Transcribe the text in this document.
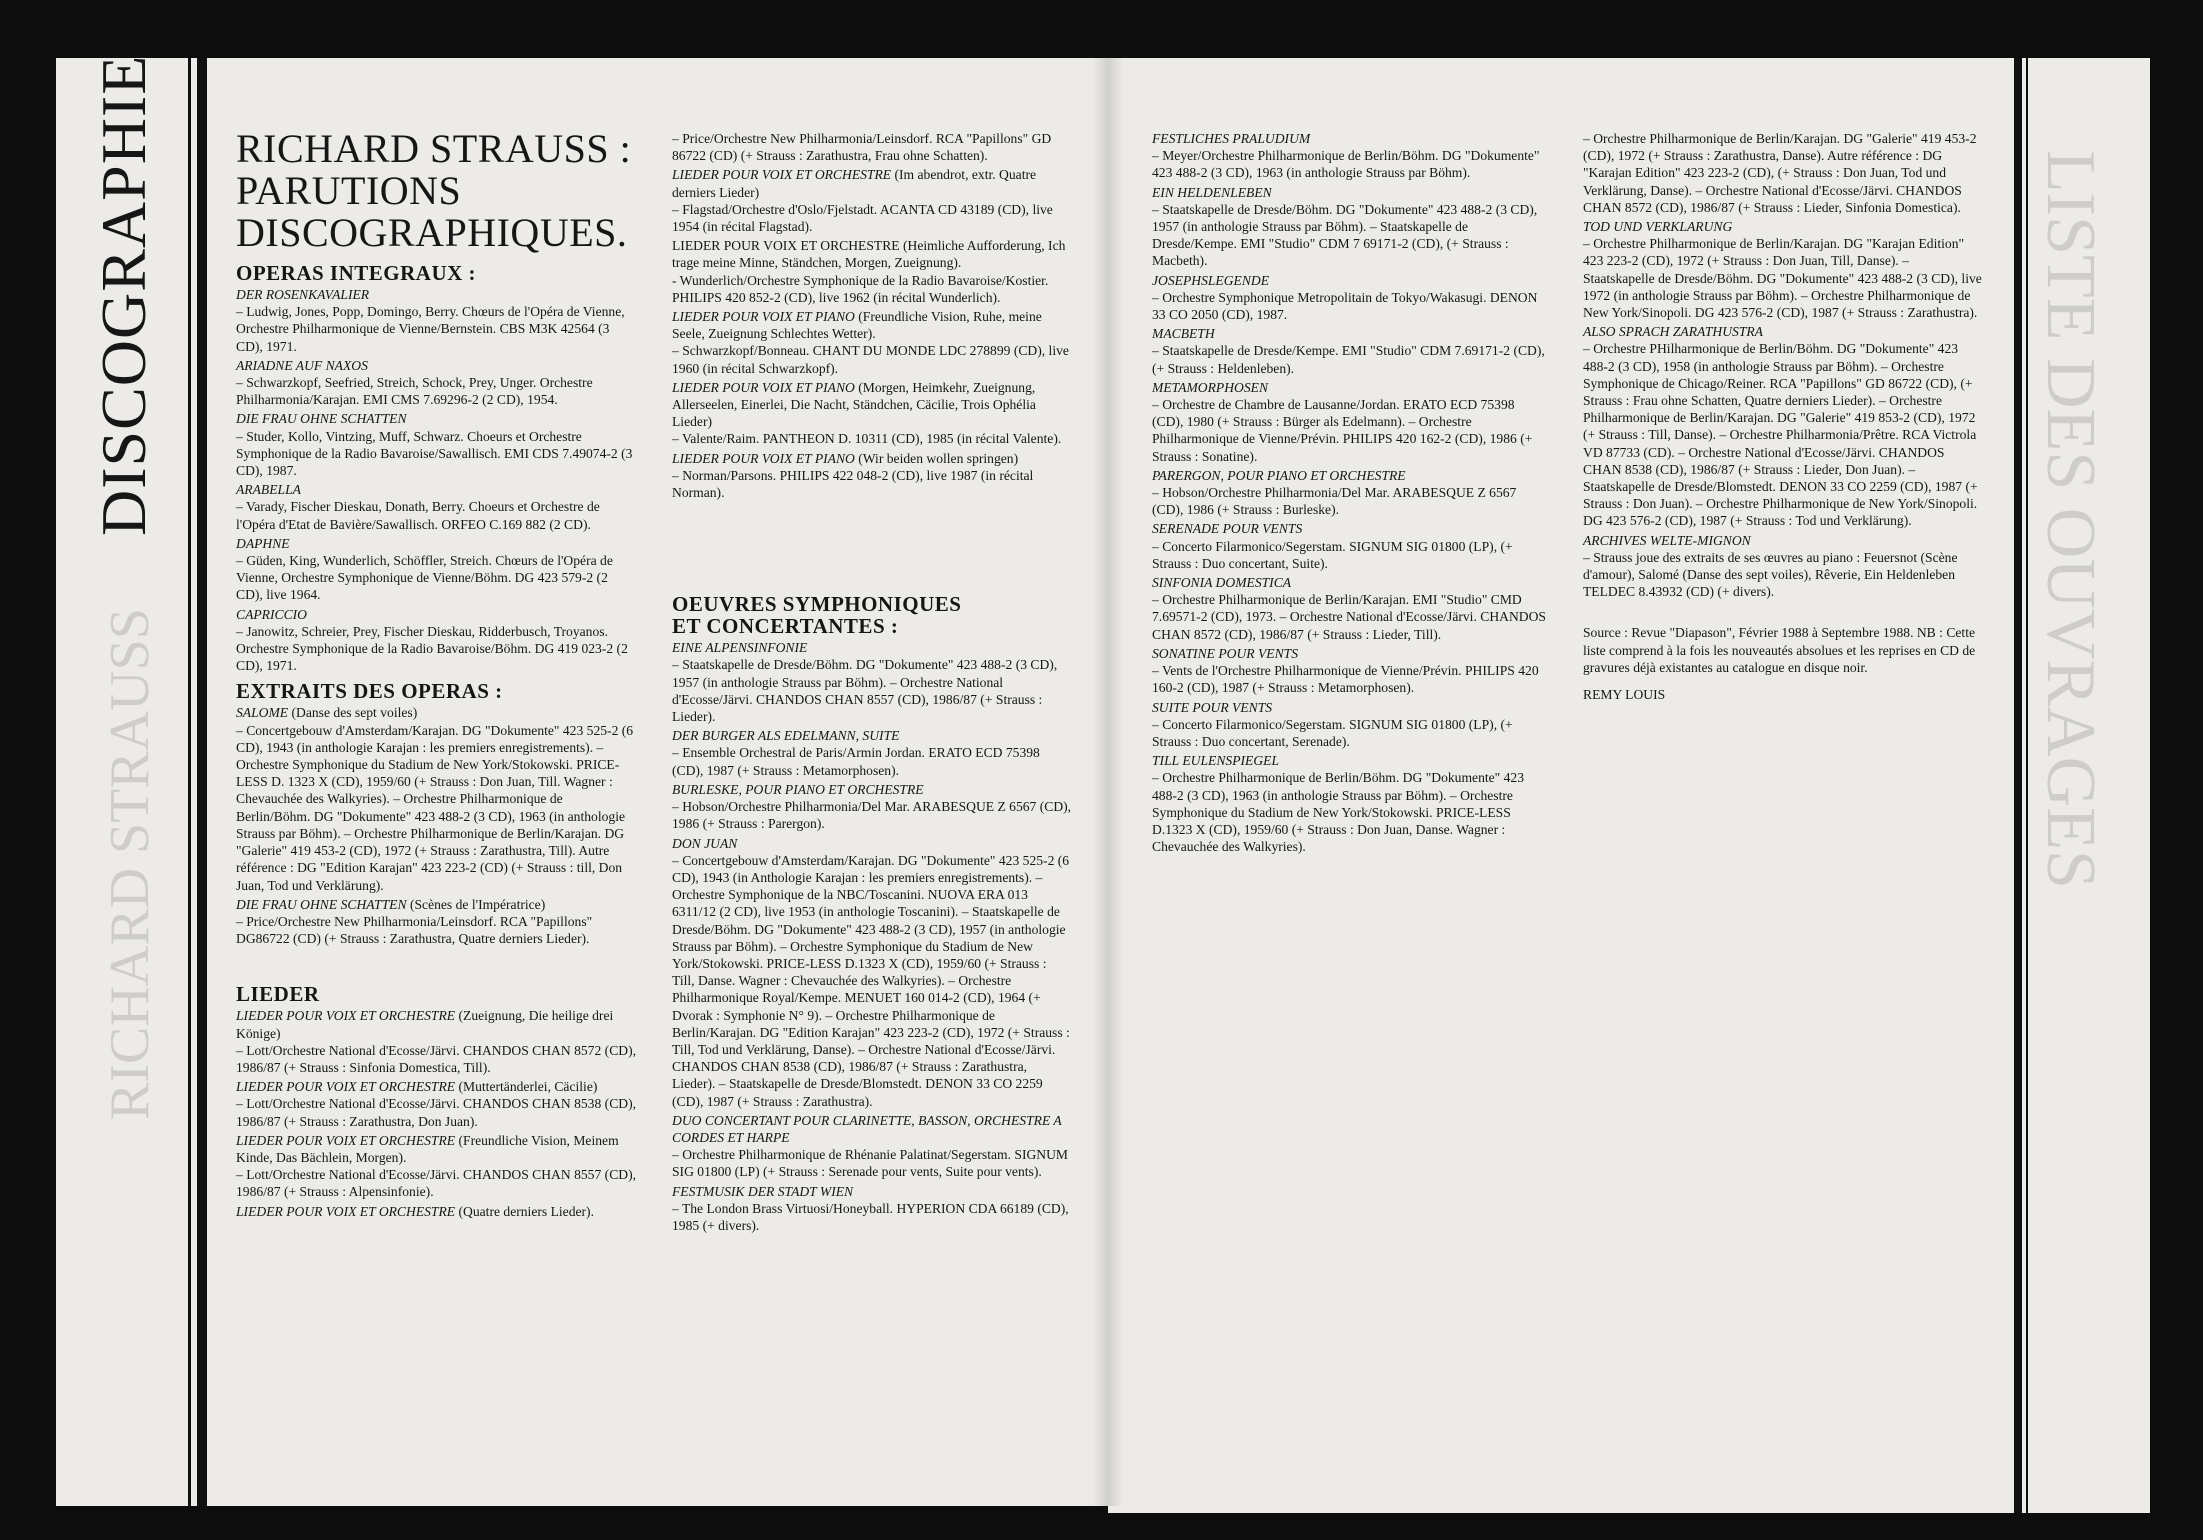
RICHARD STRAUSS	LISTE DES OUVRAGES
DISCOGRAPHIE RICHARD STRAUSS :
PARUTIONS
DISCOGRAPHIQUES.
OPERAS INTEGRAUX :
DER ROSENKAVALIER
– Ludwig, Jones, Popp, Domingo, Berry. Chœurs de l'Opéra de Vienne, Orchestre Philharmonique de Vienne/Bernstein. CBS M3K 42564 (3 CD), 1971.
ARIADNE AUF NAXOS
– Schwarzkopf, Seefried, Streich, Schock, Prey, Unger. Orchestre Philharmonia/Karajan. EMI CMS 7.69296-2 (2 CD), 1954.
DIE FRAU OHNE SCHATTEN
– Studer, Kollo, Vintzing, Muff, Schwarz. Choeurs et Orchestre Symphonique de la Radio Bavaroise/Sawallisch. EMI CDS 7.49074-2 (3 CD), 1987.
ARABELLA
– Varady, Fischer Dieskau, Donath, Berry. Choeurs et Orchestre de l'Opéra d'Etat de Bavière/Sawallisch. ORFEO C.169 882 (2 CD).
DAPHNE
– Güden, King, Wunderlich, Schöffler, Streich. Chœurs de l'Opéra de Vienne, Orchestre Symphonique de Vienne/Böhm. DG 423 579-2 (2 CD), live 1964.
CAPRICCIO
– Janowitz, Schreier, Prey, Fischer Dieskau, Ridderbusch, Troyanos. Orchestre Symphonique de la Radio Bavaroise/Böhm. DG 419 023-2 (2 CD), 1971.
EXTRAITS DES OPERAS :
SALOME (Danse des sept voiles)
– Concertgebouw d'Amsterdam/Karajan. DG "Dokumente" 423 525-2 (6 CD), 1943 (in anthologie Karajan : les premiers enregistrements). – Orchestre Symphonique du Stadium de New York/Stokowski. PRICE-LESS D. 1323 X (CD), 1959/60 (+ Strauss : Don Juan, Till. Wagner : Chevauchée des Walkyries). – Orchestre Philharmonique de Berlin/Böhm. DG "Dokumente" 423 488-2 (3 CD), 1963 (in anthologie Strauss par Böhm). – Orchestre Philharmonique de Berlin/Karajan. DG "Galerie" 419 453-2 (CD), 1972 (+ Strauss : Zarathustra, Till). Autre référence : DG "Edition Karajan" 423 223-2 (CD) (+ Strauss : till, Don Juan, Tod und Verklärung).
DIE FRAU OHNE SCHATTEN (Scènes de l'Impératrice)
– Price/Orchestre New Philharmonia/Leinsdorf. RCA "Papillons" DG86722 (CD) (+ Strauss : Zarathustra, Quatre derniers Lieder).
LIEDER
LIEDER POUR VOIX ET ORCHESTRE (Zueignung, Die heilige drei Könige)
– Lott/Orchestre National d'Ecosse/Järvi. CHANDOS CHAN 8572 (CD), 1986/87 (+ Strauss : Sinfonia Domestica, Till).
LIEDER POUR VOIX ET ORCHESTRE (Muttertänderlei, Cäcilie)
– Lott/Orchestre National d'Ecosse/Järvi. CHANDOS CHAN 8538 (CD), 1986/87 (+ Strauss : Zarathustra, Don Juan).
LIEDER POUR VOIX ET ORCHESTRE (Freundliche Vision, Meinem Kinde, Das Bächlein, Morgen).
– Lott/Orchestre National d'Ecosse/Järvi. CHANDOS CHAN 8557 (CD), 1986/87 (+ Strauss : Alpensinfonie).
LIEDER POUR VOIX ET ORCHESTRE (Quatre derniers Lieder).
– Price/Orchestre New Philharmonia/Leinsdorf. RCA "Papillons" GD 86722 (CD) (+ Strauss : Zarathustra, Frau ohne Schatten).
LIEDER POUR VOIX ET ORCHESTRE (Im abendrot, extr. Quatre derniers Lieder)
– Flagstad/Orchestre d'Oslo/Fjelstadt. ACANTA CD 43189 (CD), live 1954 (in récital Flagstad).
LIEDER POUR VOIX ET ORCHESTRE (Heimliche Aufforderung, Ich trage meine Minne, Ständchen, Morgen, Zueignung).
- Wunderlich/Orchestre Symphonique de la Radio Bavaroise/Kostier. PHILIPS 420 852-2 (CD), live 1962 (in récital Wunderlich).
LIEDER POUR VOIX ET PIANO (Freundliche Vision, Ruhe, meine Seele, Zueignung Schlechtes Wetter).
– Schwarzkopf/Bonneau. CHANT DU MONDE LDC 278899 (CD), live 1960 (in récital Schwarzkopf).
LIEDER POUR VOIX ET PIANO (Morgen, Heimkehr, Zueignung, Allerseelen, Einerlei, Die Nacht, Ständchen, Cäcilie, Trois Ophélia Lieder)
– Valente/Raim. PANTHEON D. 10311 (CD), 1985 (in récital Valente).
LIEDER POUR VOIX ET PIANO (Wir beiden wollen springen)
– Norman/Parsons. PHILIPS 422 048-2 (CD), live 1987 (in récital Norman).
OEUVRES SYMPHONIQUES
ET CONCERTANTES :
EINE ALPENSINFONIE
– Staatskapelle de Dresde/Böhm. DG "Dokumente" 423 488-2 (3 CD), 1957 (in anthologie Strauss par Böhm). – Orchestre National d'Ecosse/Järvi. CHANDOS CHAN 8557 (CD), 1986/87 (+ Strauss : Lieder).
DER BURGER ALS EDELMANN, SUITE
– Ensemble Orchestral de Paris/Armin Jordan. ERATO ECD 75398 (CD), 1987 (+ Strauss : Metamorphosen).
BURLESKE, POUR PIANO ET ORCHESTRE
– Hobson/Orchestre Philharmonia/Del Mar. ARABESQUE Z 6567 (CD), 1986 (+ Strauss : Parergon).
DON JUAN
– Concertgebouw d'Amsterdam/Karajan. DG "Dokumente" 423 525-2 (6 CD), 1943 (in Anthologie Karajan : les premiers enregistrements). – Orchestre Symphonique de la NBC/Toscanini. NUOVA ERA 013 6311/12 (2 CD), live 1953 (in anthologie Toscanini). – Staatskapelle de Dresde/Böhm. DG "Dokumente" 423 488-2 (3 CD), 1957 (in anthologie Strauss par Böhm). – Orchestre Symphonique du Stadium de New York/Stokowski. PRICE-LESS D.1323 X (CD), 1959/60 (+ Strauss : Till, Danse. Wagner : Chevauchée des Walkyries). – Orchestre Philharmonique Royal/Kempe. MENUET 160 014-2 (CD), 1964 (+ Dvorak : Symphonie N° 9). – Orchestre Philharmonique de Berlin/Karajan. DG "Edition Karajan" 423 223-2 (CD), 1972 (+ Strauss : Till, Tod und Verklärung, Danse). – Orchestre National d'Ecosse/Järvi. CHANDOS CHAN 8538 (CD), 1986/87 (+ Strauss : Zarathustra, Lieder). – Staatskapelle de Dresde/Blomstedt. DENON 33 CO 2259 (CD), 1987 (+ Strauss : Zarathustra).
DUO CONCERTANT POUR CLARINETTE, BASSON, ORCHESTRE A CORDES ET HARPE
– Orchestre Philharmonique de Rhénanie Palatinat/Segerstam. SIGNUM SIG 01800 (LP) (+ Strauss : Serenade pour vents, Suite pour vents).
FESTMUSIK DER STADT WIEN
– The London Brass Virtuosi/Honeyball. HYPERION CDA 66189 (CD), 1985 (+ divers).
FESTLICHES PRALUDIUM
– Meyer/Orchestre Philharmonique de Berlin/Böhm. DG "Dokumente" 423 488-2 (3 CD), 1963 (in anthologie Strauss par Böhm).
EIN HELDENLEBEN
– Staatskapelle de Dresde/Böhm. DG "Dokumente" 423 488-2 (3 CD), 1957 (in anthologie Strauss par Böhm). – Staatskapelle de Dresde/Kempe. EMI "Studio" CDM 7 69171-2 (CD), (+ Strauss : Macbeth).
JOSEPHSLEGENDE
– Orchestre Symphonique Metropolitain de Tokyo/Wakasugi. DENON 33 CO 2050 (CD), 1987.
MACBETH
– Staatskapelle de Dresde/Kempe. EMI "Studio" CDM 7.69171-2 (CD), (+ Strauss : Heldenleben).
METAMORPHOSEN
– Orchestre de Chambre de Lausanne/Jordan. ERATO ECD 75398 (CD), 1980 (+ Strauss : Bürger als Edelmann). – Orchestre Philharmonique de Vienne/Prévin. PHILIPS 420 162-2 (CD), 1986 (+ Strauss : Sonatine).
PARERGON, POUR PIANO ET ORCHESTRE
– Hobson/Orchestre Philharmonia/Del Mar. ARABESQUE Z 6567 (CD), 1986 (+ Strauss : Burleske).
SERENADE POUR VENTS
– Concerto Filarmonico/Segerstam. SIGNUM SIG 01800 (LP), (+ Strauss : Duo concertant, Suite).
SINFONIA DOMESTICA
– Orchestre Philharmonique de Berlin/Karajan. EMI "Studio" CMD 7.69571-2 (CD), 1973. – Orchestre National d'Ecosse/Järvi. CHANDOS CHAN 8572 (CD), 1986/87 (+ Strauss : Lieder, Till).
SONATINE POUR VENTS
– Vents de l'Orchestre Philharmonique de Vienne/Prévin. PHILIPS 420 160-2 (CD), 1987 (+ Strauss : Metamorphosen).
SUITE POUR VENTS
– Concerto Filarmonico/Segerstam. SIGNUM SIG 01800 (LP), (+ Strauss : Duo concertant, Serenade).
TILL EULENSPIEGEL
– Orchestre Philharmonique de Berlin/Böhm. DG "Dokumente" 423 488-2 (3 CD), 1963 (in anthologie Strauss par Böhm). – Orchestre Symphonique du Stadium de New York/Stokowski. PRICE-LESS D.1323 X (CD), 1959/60 (+ Strauss : Don Juan, Danse. Wagner : Chevauchée des Walkyries).
– Orchestre Philharmonique de Berlin/Karajan. DG "Galerie" 419 453-2 (CD), 1972 (+ Strauss : Zarathustra, Danse). Autre référence : DG "Karajan Edition" 423 223-2 (CD), (+ Strauss : Don Juan, Tod und Verklärung, Danse). – Orchestre National d'Ecosse/Järvi. CHANDOS CHAN 8572 (CD), 1986/87 (+ Strauss : Lieder, Sinfonia Domestica).
TOD UND VERKLARUNG
– Orchestre Philharmonique de Berlin/Karajan. DG "Karajan Edition" 423 223-2 (CD), 1972 (+ Strauss : Don Juan, Till, Danse). – Staatskapelle de Dresde/Böhm. DG "Dokumente" 423 488-2 (3 CD), live 1972 (in anthologie Strauss par Böhm). – Orchestre Philharmonique de New York/Sinopoli. DG 423 576-2 (CD), 1987 (+ Strauss : Zarathustra).
ALSO SPRACH ZARATHUSTRA
– Orchestre PHilharmonique de Berlin/Böhm. DG "Dokumente" 423 488-2 (3 CD), 1958 (in anthologie Strauss par Böhm). – Orchestre Symphonique de Chicago/Reiner. RCA "Papillons" GD 86722 (CD), (+ Strauss : Frau ohne Schatten, Quatre derniers Lieder). – Orchestre Philharmonique de Berlin/Karajan. DG "Galerie" 419 853-2 (CD), 1972 (+ Strauss : Till, Danse). – Orchestre Philharmonia/Prêtre. RCA Victrola VD 87733 (CD). – Orchestre National d'Ecosse/Järvi. CHANDOS CHAN 8538 (CD), 1986/87 (+ Strauss : Lieder, Don Juan). – Staatskapelle de Dresde/Blomstedt. DENON 33 CO 2259 (CD), 1987 (+ Strauss : Don Juan). – Orchestre Philharmonique de New York/Sinopoli. DG 423 576-2 (CD), 1987 (+ Strauss : Tod und Verklärung).
ARCHIVES WELTE-MIGNON
– Strauss joue des extraits de ses œuvres au piano : Feuersnot (Scène d'amour), Salomé (Danse des sept voiles), Rêverie, Ein Heldenleben TELDEC 8.43932 (CD) (+ divers).

Source : Revue "Diapason", Février 1988 à Septembre 1988. NB : Cette liste comprend à la fois les nouveautés absolues et les reprises en CD de gravures déjà existantes au catalogue en disque noir.

REMY LOUIS
